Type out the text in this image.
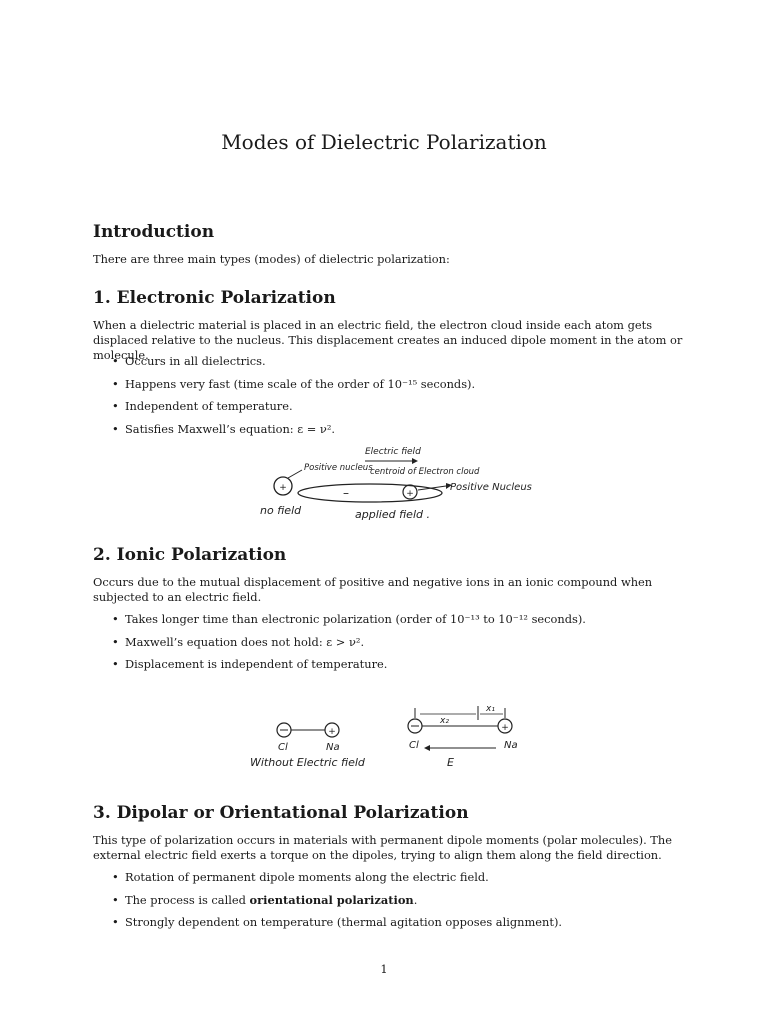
Modes of Dielectric Polarization
Introduction

There are three main types (modes) of dielectric polarization:

1. Electronic Polarization

When a dielectric material is placed in an electric field, the electron cloud inside each atom gets displaced relative to the nucleus. This displacement creates an induced dipole moment in the atom or molecule.

• Occurs in all dielectrics.
• Happens very fast (time scale of the order of 10⁻¹⁵ seconds).
• Independent of temperature.
• Satisfies Maxwell’s equation: ε = ν².
+
Positive nucleus
no field
Electric field
centroid of Electron cloud
–	+
Positive Nucleus
applied field .
2. Ionic Polarization

Occurs due to the mutual displacement of positive and negative ions in an ionic compound when subjected to an electric field.

• Takes longer time than electronic polarization (order of 10⁻¹³ to 10⁻¹² seconds).
• Maxwell’s equation does not hold: ε > ν².
• Displacement is independent of temperature.
+
Cl	Na
Without Electric field
+
x₂
x₁
Cl	Na
E
3. Dipolar or Orientational Polarization

This type of polarization occurs in materials with permanent dipole moments (polar molecules). The external electric field exerts a torque on the dipoles, trying to align them along the field direction.

• Rotation of permanent dipole moments along the electric field.
• The process is called orientational polarization.
• Strongly dependent on temperature (thermal agitation opposes alignment).
1
